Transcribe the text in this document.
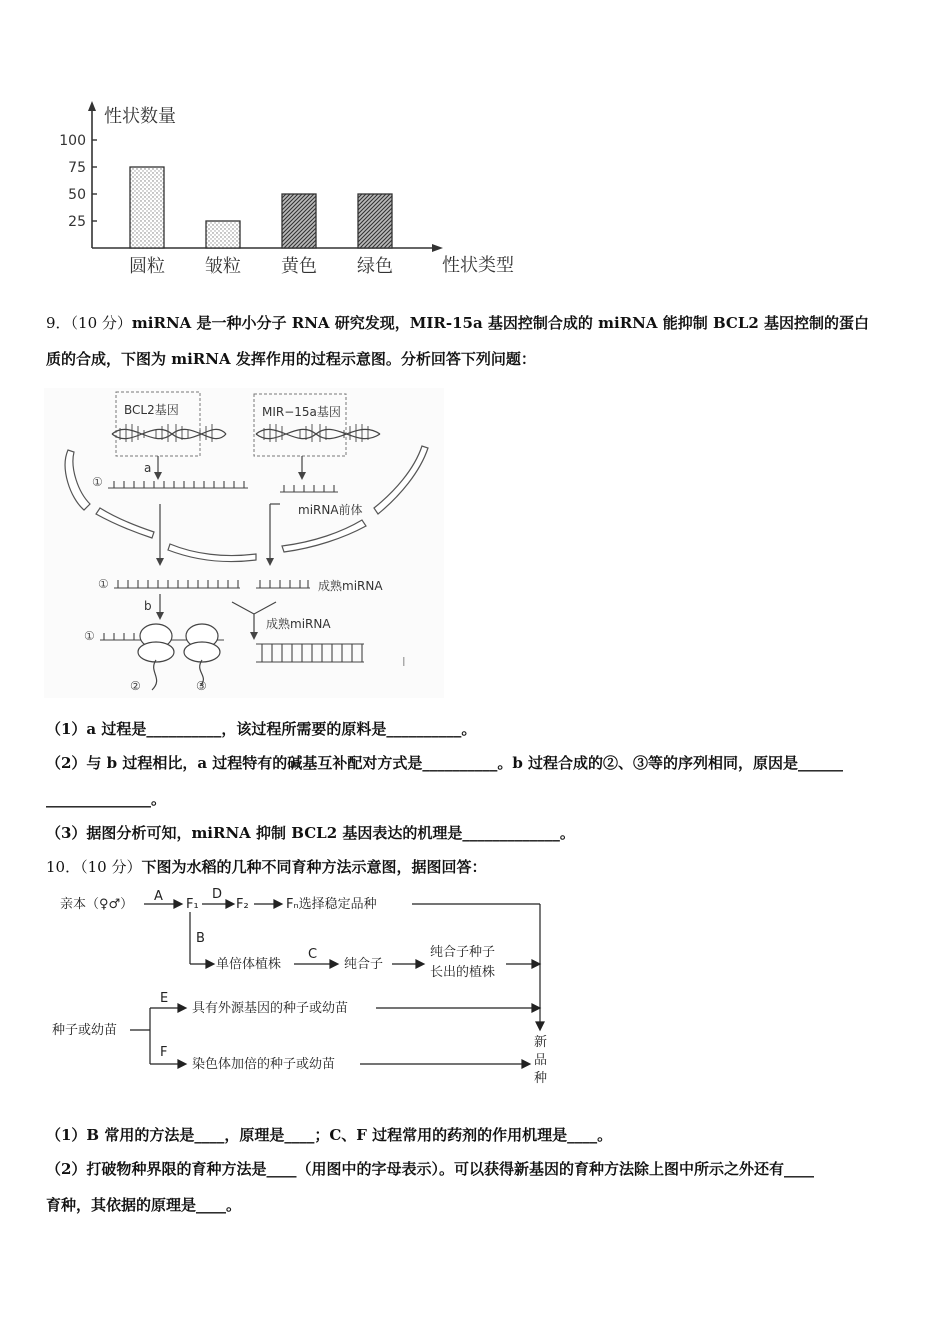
性状数量
性状类型
100
75
50
25
圆粒 皱粒 黄色 绿色
9．（10 分）miRNA 是一种小分子 RNA 研究发现，MIR-15a 基因控制合成的 miRNA 能抑制 BCL2 基因控制的蛋白
质的合成，下图为 miRNA 发挥作用的过程示意图。分析回答下列问题：
BCL2基因	MIR−15a基因
a
①
miRNA前体
①	成熟miRNA
b
成熟miRNA
①
②	③
I
（1）a 过程是__________，该过程所需要的原料是__________。
（2）与 b 过程相比，a 过程特有的碱基互补配对方式是__________。b 过程合成的②、③等的序列相同，原因是______
______________。
（3）据图分析可知，miRNA 抑制 BCL2 基因表达的机理是_____________。
10．（10 分）下图为水稻的几种不同育种方法示意图，据图回答：
亲本（♀♂）
A
F₁
D
F₂	Fₙ选择稳定品种
B
单倍体植株
C
纯合子
纯合子种子
长出的植株
种子或幼苗
E
具有外源基因的种子或幼苗
F
染色体加倍的种子或幼苗
新
品
种
（1）B 常用的方法是____，原理是____；C、F 过程常用的药剂的作用机理是____。
（2）打破物种界限的育种方法是____（用图中的字母表示）。可以获得新基因的育种方法除上图中所示之外还有____
育种，其依据的原理是____。
